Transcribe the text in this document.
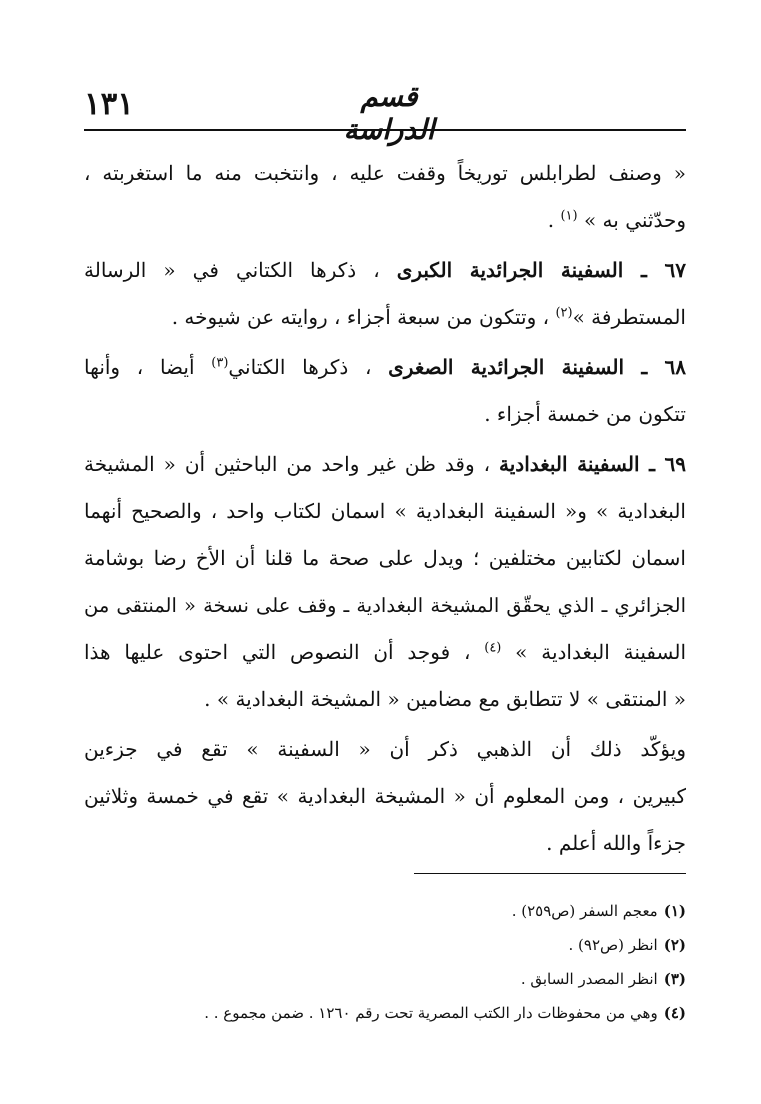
١٣١	قسم الدراسة
« وصنف لطرابلس توريخاً وقفت عليه ، وانتخبت منه ما استغربته ،
وحدّثني به » $^{(١)}$ .
٦٧ ـ السفينة الجرائدية الكبرى ، ذكرها الكتاني في « الرسالة
المستطرفة »$^{(٢)}$ ، وتتكون من سبعة أجزاء ، روايته عن شيوخه .
٦٨ ـ السفينة الجرائدية الصغرى ، ذكرها الكتاني$^{(٣)}$ أيضا ، وأنها
تتكون من خمسة أجزاء .
٦٩ ـ السفينة البغدادية ، وقد ظن غير واحد من الباحثين أن « المشيخة
البغدادية » و« السفينة البغدادية » اسمان لكتاب واحد ، والصحيح أنهما
اسمان لكتابين مختلفين ؛ ويدل على صحة ما قلنا أن الأخ رضا بوشامة
الجزائري ـ الذي يحقّق المشيخة البغدادية ـ وقف على نسخة « المنتقى من
السفينة البغدادية » $^{(٤)}$ ، فوجد أن النصوص التي احتوى عليها هذا
« المنتقى » لا تتطابق مع مضامين « المشيخة البغدادية » .
ويؤكّد ذلك أن الذهبي ذكر أن « السفينة » تقع في جزءين
كبيرين ، ومن المعلوم أن « المشيخة البغدادية » تقع في خمسة وثلاثين
جزءاً والله أعلم .
(١)معجم السفر (ص٢٥٩) .
(٢)انظر (ص٩٢) .
(٣)انظر المصدر السابق .
(٤)وهي من محفوظات دار الكتب المصرية تحت رقم ١٢٦٠ . ضمن مجموع . .
